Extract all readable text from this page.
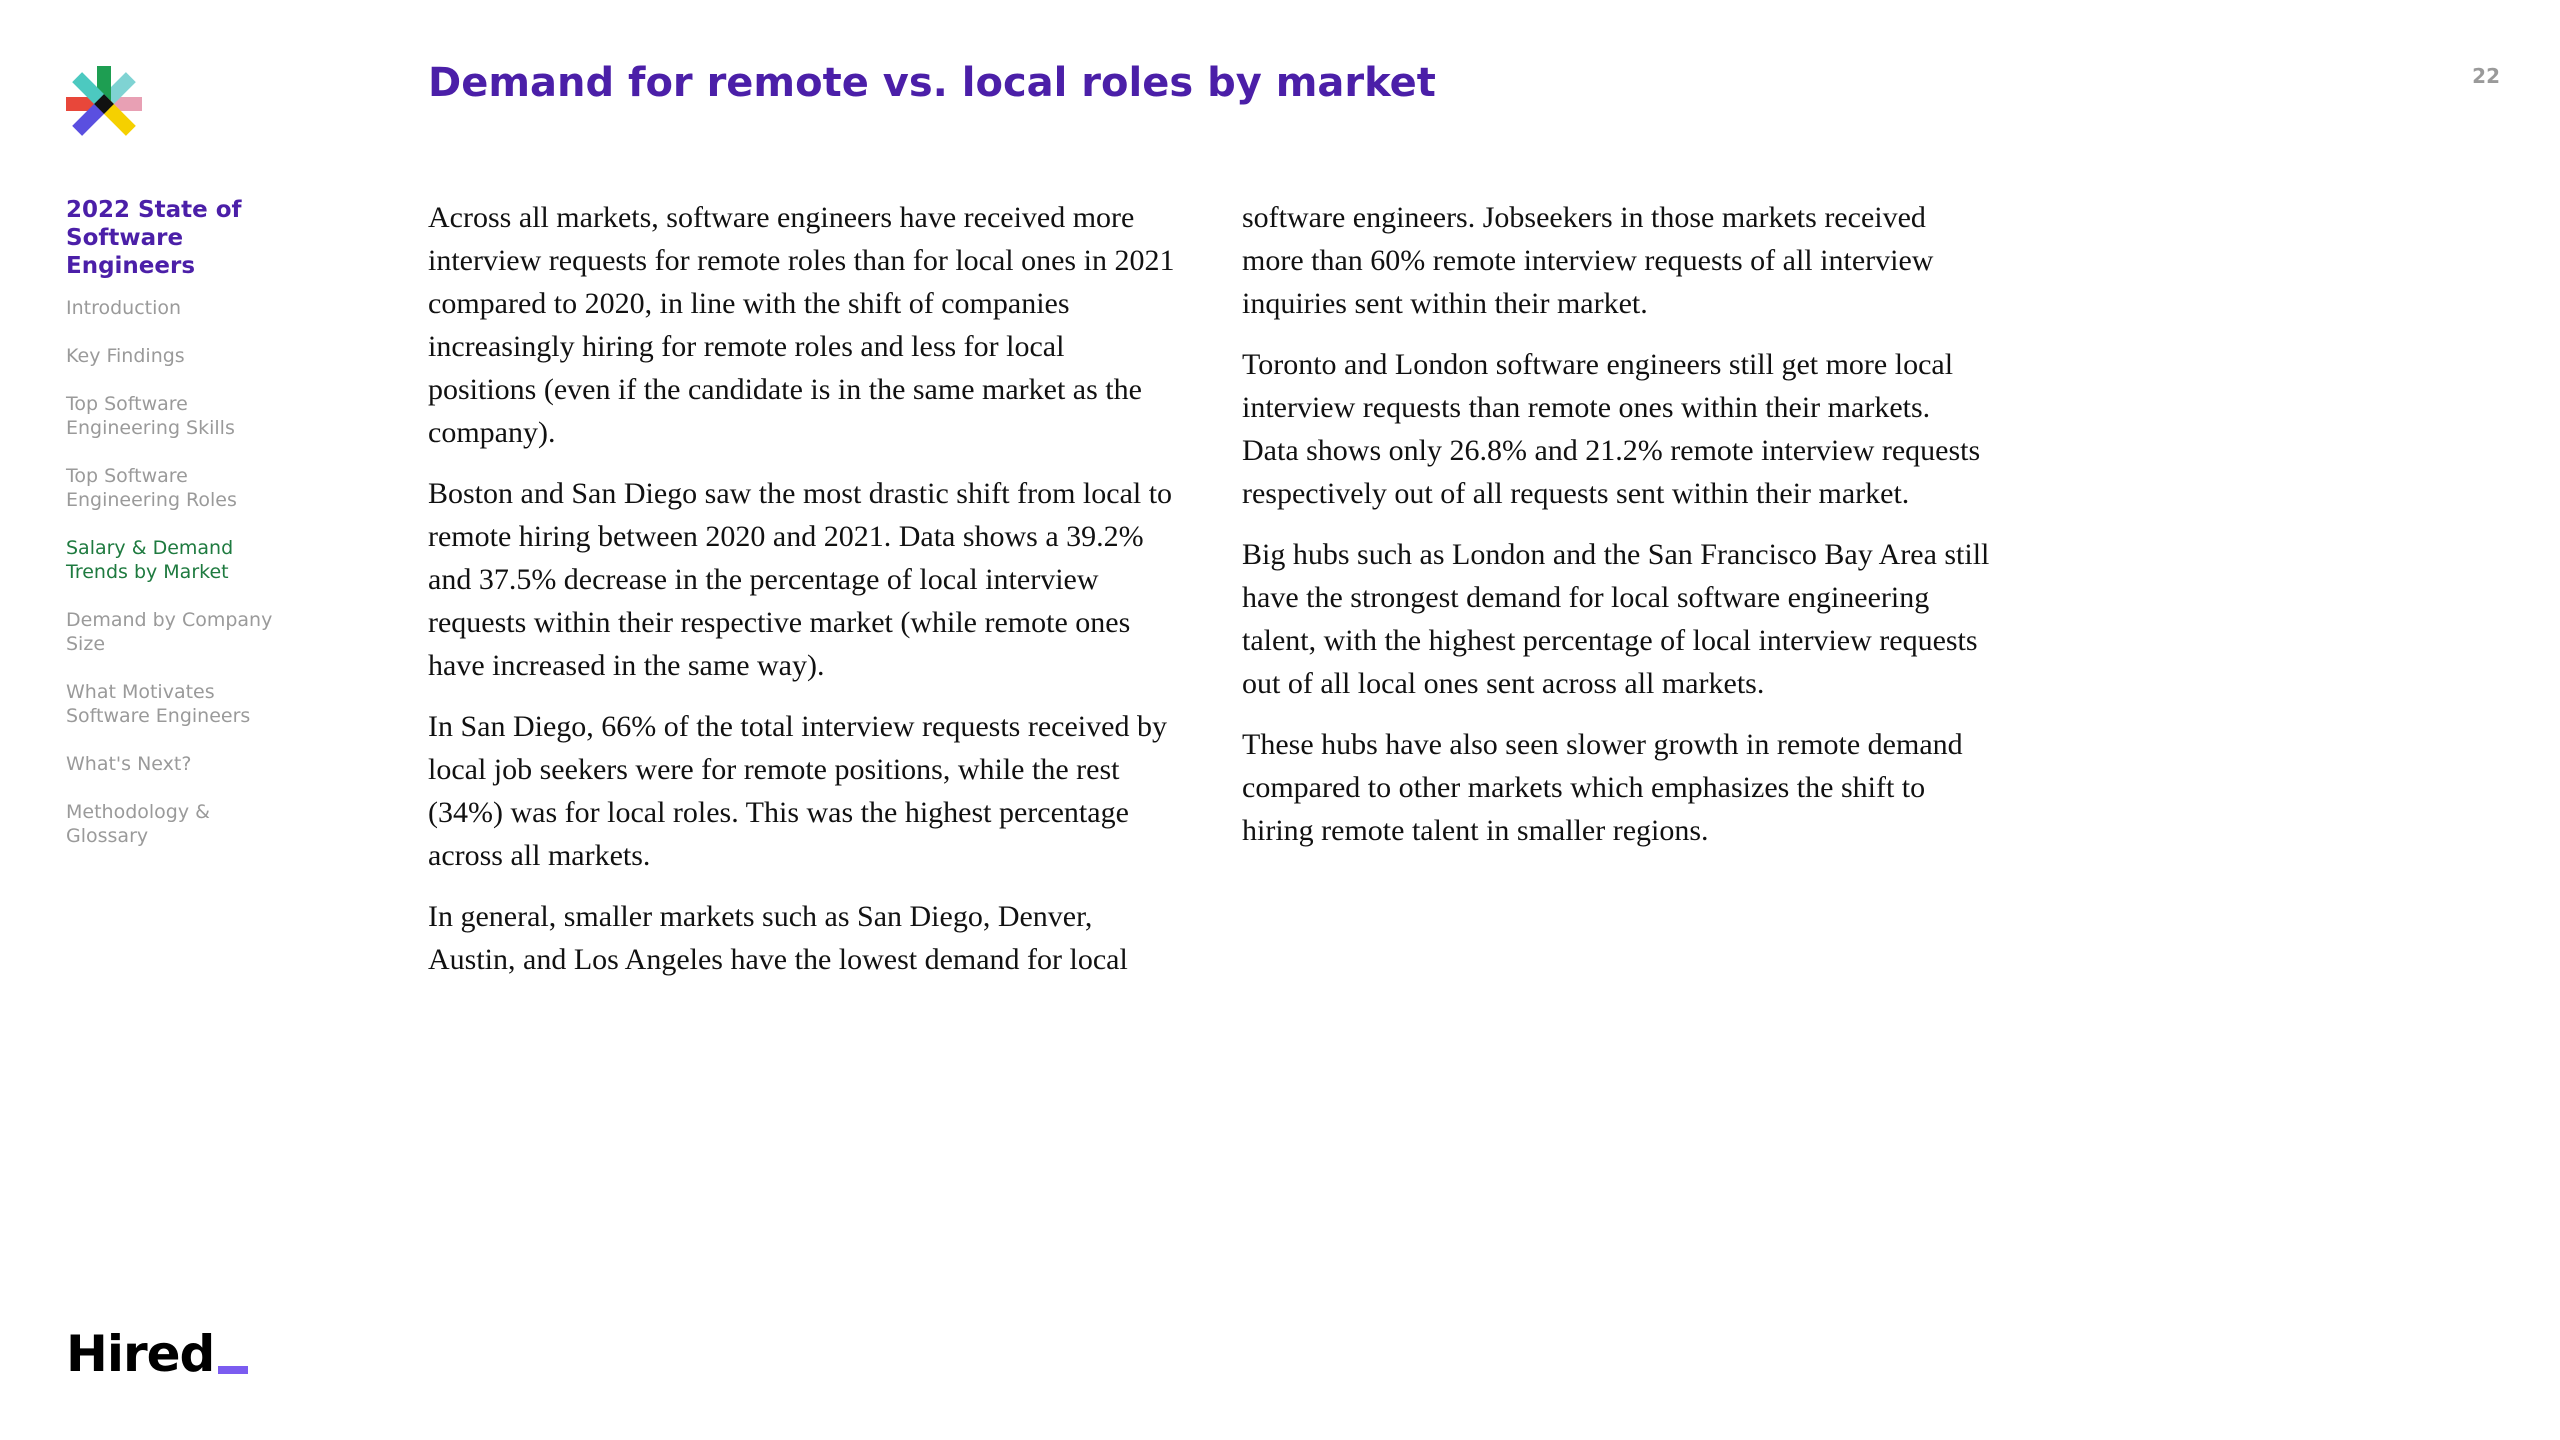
2022 State of Software Engineers
Introduction
Key Findings
Top Software Engineering Skills
Top Software Engineering Roles
Salary & Demand Trends by Market
Demand by Company Size
What Motivates Software Engineers
What's Next?
Methodology & Glossary
Demand for remote vs. local roles by market	22

Across all markets, software engineers have received more interview requests for remote roles than for local ones in 2021 compared to 2020, in line with the shift of companies increasingly hiring for remote roles and less for local positions (even if the candidate is in the same market as the company).

Boston and San Diego saw the most drastic shift from local to remote hiring between 2020 and 2021. Data shows a 39.2% and 37.5% decrease in the percentage of local interview requests within their respective market (while remote ones have increased in the same way).

In San Diego, 66% of the total interview requests received by local job seekers were for remote positions, while the rest (34%) was for local roles. This was the highest percentage across all markets.

In general, smaller markets such as San Diego, Denver, Austin, and Los Angeles have the lowest demand for local

software engineers. Jobseekers in those markets received more than 60% remote interview requests of all interview inquiries sent within their market.

Toronto and London software engineers still get more local interview requests than remote ones within their markets. Data shows only 26.8% and 21.2% remote interview requests respectively out of all requests sent within their market.

Big hubs such as London and the San Francisco Bay Area still have the strongest demand for local software engineering talent, with the highest percentage of local interview requests out of all local ones sent across all markets.

These hubs have also seen slower growth in remote demand compared to other markets which emphasizes the shift to hiring remote talent in smaller regions.

Hired
